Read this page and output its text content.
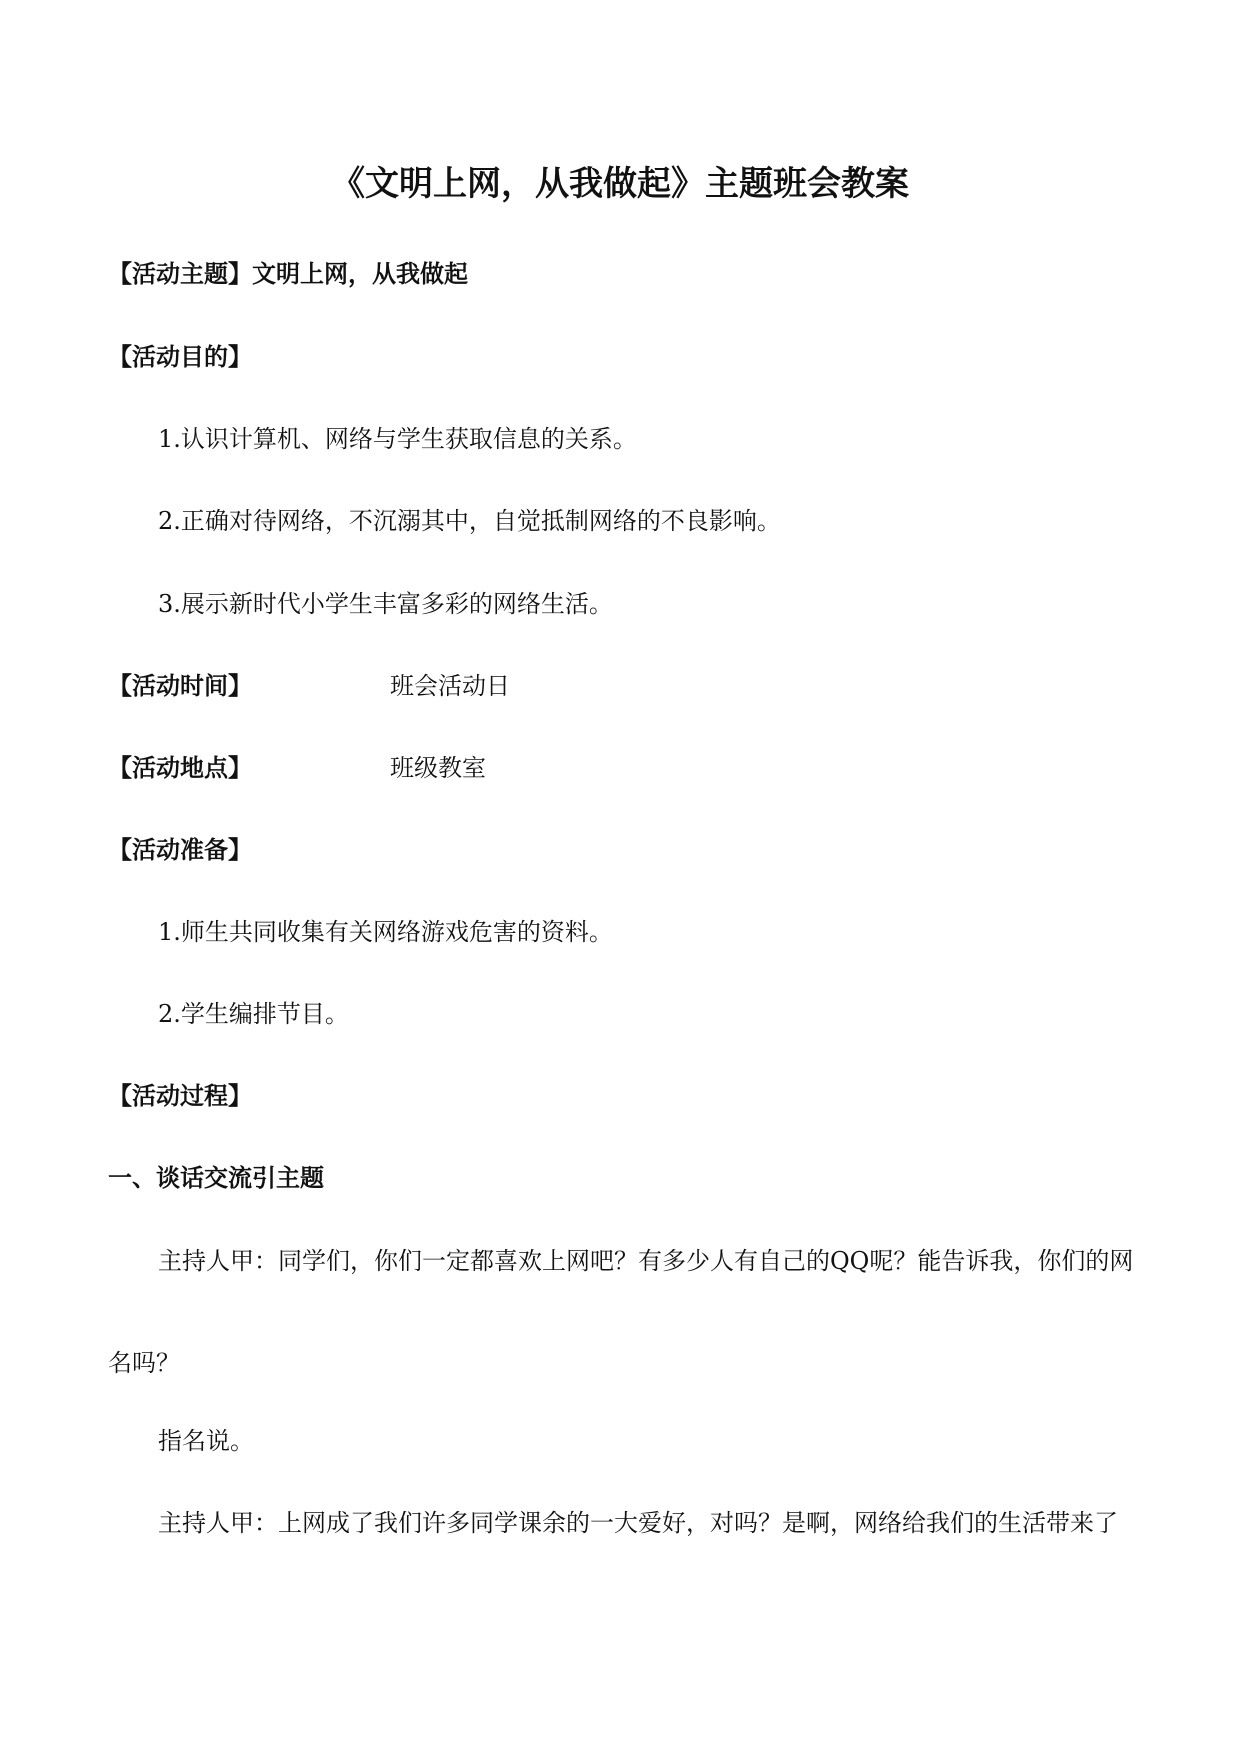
《文明上网，从我做起》主题班会教案
【活动主题】文明上网，从我做起
【活动目的】
1.认识计算机、网络与学生获取信息的关系。
2.正确对待网络，不沉溺其中，自觉抵制网络的不良影响。
3.展示新时代小学生丰富多彩的网络生活。
【活动时间】	班会活动日
【活动地点】	班级教室
【活动准备】
1.师生共同收集有关网络游戏危害的资料。
2.学生编排节目。
【活动过程】
一、谈话交流引主题
主持人甲：同学们，你们一定都喜欢上网吧？有多少人有自己的QQ呢？能告诉我，你们的网
名吗？
指名说。
主持人甲：上网成了我们许多同学课余的一大爱好，对吗？是啊，网络给我们的生活带来了
